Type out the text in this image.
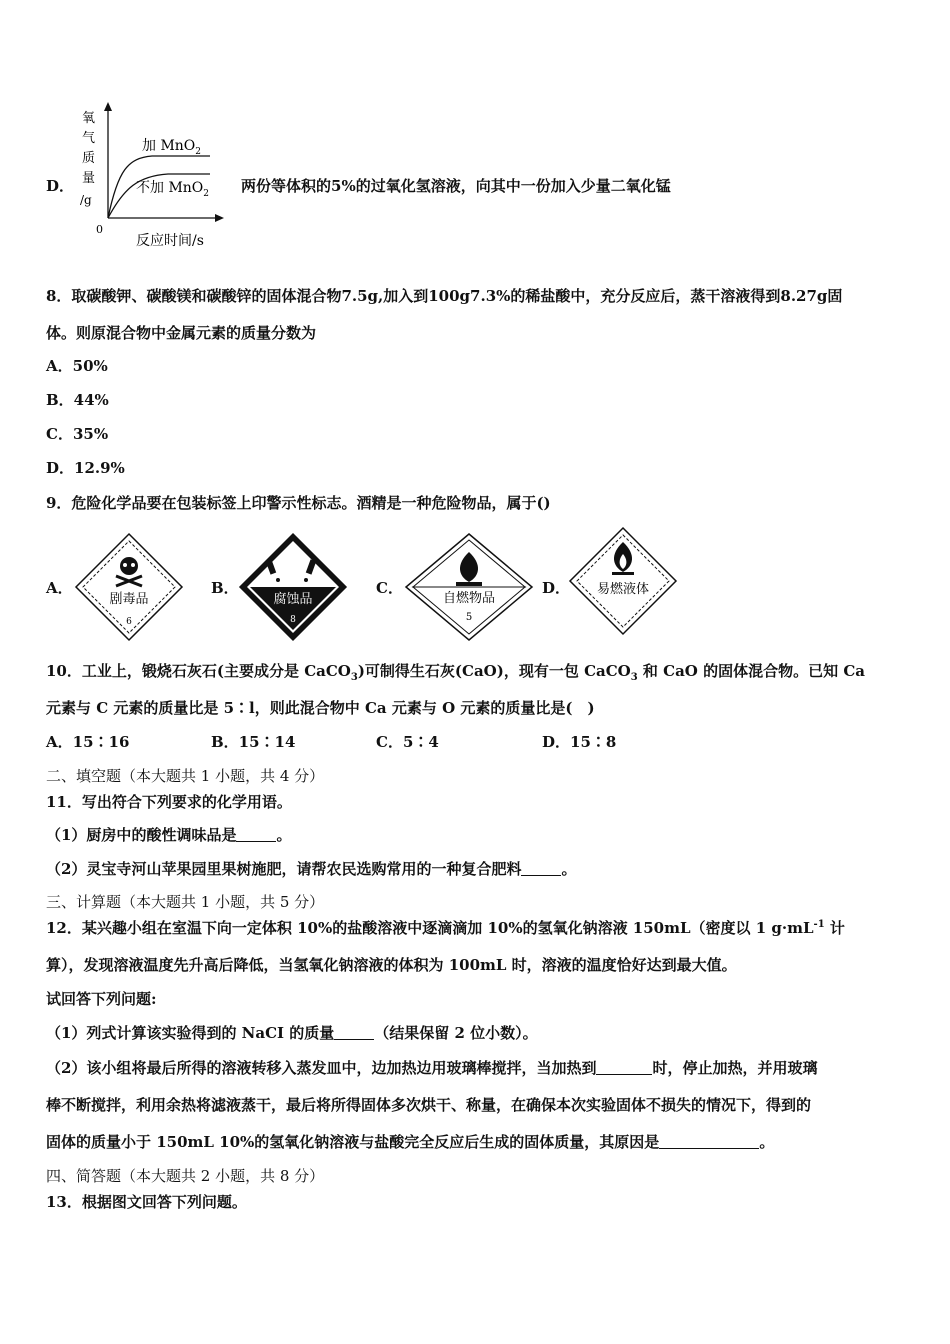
D．
氧
气
质
量
/g
0
反应时间/s
加 MnO$_2$
不加 MnO$_2$ 两份等体积的5%的过氧化氢溶液，向其中一份加入少量二氧化锰
8．取碳酸钾、碳酸镁和碳酸锌的固体混合物7.5g,加入到100g7.3%的稀盐酸中，充分反应后，蒸干溶液得到8.27g固
体。则原混合物中金属元素的质量分数为
A．50%
B．44%
C．35%
D．12.9%
9．危险化学品要在包装标签上印警示性标志。酒精是一种危险物品，属于()
A．
剧毒品
6
B．
腐蚀品
8
C．
自燃物品
5
D． 易燃液体
10．工业上，锻烧石灰石(主要成分是 CaCO$_3$)可制得生石灰(CaO)，现有一包 CaCO$_3$ 和 CaO 的固体混合物。已知 Ca
元素与 C 元素的质量比是 5∶l，则此混合物中 Ca 元素与 O 元素的质量比是(　)
A．15∶16	B．15∶14	C．5∶4	D．15∶8
二、填空题（本大题共 1 小题，共 4 分）
11．写出符合下列要求的化学用语。
（1）厨房中的酸性调味品是	。
（2）灵宝寺河山苹果园里果树施肥，请帮农民选购常用的一种复合肥料	。
三、计算题（本大题共 1 小题，共 5 分）
12．某兴趣小组在室温下向一定体积 10%的盐酸溶液中逐滴滴加 10%的氢氧化钠溶液 150mL（密度以 1 $g\cdot mL^{-1}$ 计
算），发现溶液温度先升高后降低，当氢氧化钠溶液的体积为 100mL 时，溶液的温度恰好达到最大值。
试回答下列问题:
（1）列式计算该实验得到的 NaCI 的质量	（结果保留 2 位小数）。
（2）该小组将最后所得的溶液转移入蒸发皿中，边加热边用玻璃棒搅拌，当加热到	时，停止加热，并用玻璃
棒不断搅拌，利用余热将滤液蒸干，最后将所得固体多次烘干、称量，在确保本次实验固体不损失的情况下，得到的
固体的质量小于 150mL 10%的氢氧化钠溶液与盐酸完全反应后生成的固体质量，其原因是	。
四、简答题（本大题共 2 小题，共 8 分）
13．根据图文回答下列问题。
